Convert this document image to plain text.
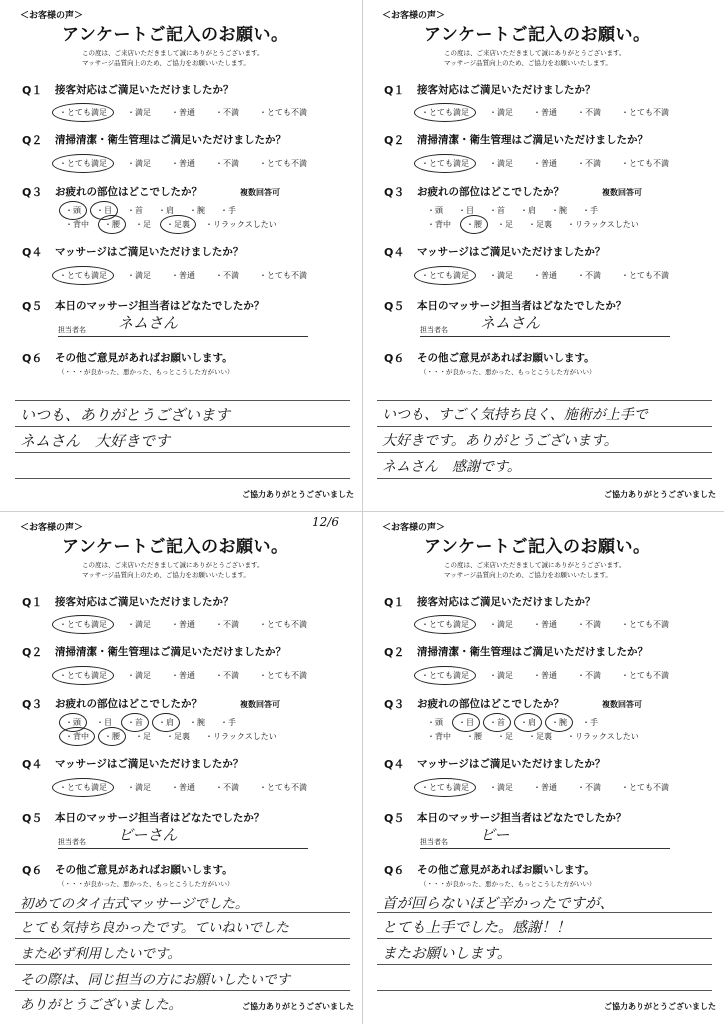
＜お客様の声＞
アンケートご記入のお願い。
この度は、ご来店いただきまして誠にありがとうございます。
マッサージ品質向上のため、ご協力をお願いいたします。
Q１ 接客対応はご満足いただけましたか？
・とても満足	・満足	・普通	・不満	・とても不満
Q２ 清掃清潔・衛生管理はご満足いただけましたか？
・とても満足	・満足	・普通	・不満	・とても不満
Q３ お疲れの部位はどこでしたか？	複数回答可
・頭 ・目 ・首 ・肩 ・腕 ・手
・背中 ・腰 ・足 ・足裏 ・リラックスしたい
Q４ マッサージはご満足いただけましたか？
・とても満足	・満足	・普通	・不満	・とても不満
Q５ 本日のマッサージ担当者はどなたでしたか？
担当者名 ネムさん
Q６ その他ご意見があればお願いします。
（・・・が良かった、悪かった、もっとこうした方がいい）
いつも、ありがとうございます
ネムさん　大好きです
ご協力ありがとうございました
＜お客様の声＞
アンケートご記入のお願い。
この度は、ご来店いただきまして誠にありがとうございます。
マッサージ品質向上のため、ご協力をお願いいたします。
Q１ 接客対応はご満足いただけましたか？
・とても満足	・満足	・普通	・不満	・とても不満
Q２ 清掃清潔・衛生管理はご満足いただけましたか？
・とても満足	・満足	・普通	・不満	・とても不満
Q３ お疲れの部位はどこでしたか？	複数回答可
・頭 ・目 ・首 ・肩 ・腕 ・手
・背中 ・腰 ・足 ・足裏 ・リラックスしたい
Q４ マッサージはご満足いただけましたか？
・とても満足	・満足	・普通	・不満	・とても不満
Q５ 本日のマッサージ担当者はどなたでしたか？
担当者名 ネムさん
Q６ その他ご意見があればお願いします。
（・・・が良かった、悪かった、もっとこうした方がいい）
いつも、すごく気持ち良く、施術が上手で
大好きです。ありがとうございます。
ネムさん　感謝です。
ご協力ありがとうございました
＜お客様の声＞
アンケートご記入のお願い。
12/6
この度は、ご来店いただきまして誠にありがとうございます。
マッサージ品質向上のため、ご協力をお願いいたします。
Q１ 接客対応はご満足いただけましたか？
・とても満足	・満足	・普通	・不満	・とても不満
Q２ 清掃清潔・衛生管理はご満足いただけましたか？
・とても満足	・満足	・普通	・不満	・とても不満
Q３ お疲れの部位はどこでしたか？	複数回答可
・頭 ・目 ・首 ・肩 ・腕 ・手
・背中 ・腰 ・足 ・足裏 ・リラックスしたい
Q４ マッサージはご満足いただけましたか？
・とても満足	・満足	・普通	・不満	・とても不満
Q５ 本日のマッサージ担当者はどなたでしたか？
担当者名 ビーさん
Q６ その他ご意見があればお願いします。
（・・・が良かった、悪かった、もっとこうした方がいい）
初めてのタイ古式マッサージでした。
とても気持ち良かったです。ていねいでした
また必ず利用したいです。
その際は、同じ担当の方にお願いしたいです
ありがとうございました。	ご協力ありがとうございました
＜お客様の声＞
アンケートご記入のお願い。
この度は、ご来店いただきまして誠にありがとうございます。
マッサージ品質向上のため、ご協力をお願いいたします。
Q１ 接客対応はご満足いただけましたか？
・とても満足	・満足	・普通	・不満	・とても不満
Q２ 清掃清潔・衛生管理はご満足いただけましたか？
・とても満足	・満足	・普通	・不満	・とても不満
Q３ お疲れの部位はどこでしたか？	複数回答可
・頭 ・目 ・首 ・肩 ・腕 ・手
・背中 ・腰 ・足 ・足裏 ・リラックスしたい
Q４ マッサージはご満足いただけましたか？
・とても満足	・満足	・普通	・不満	・とても不満
Q５ 本日のマッサージ担当者はどなたでしたか？
担当者名 ビー
Q６ その他ご意見があればお願いします。
（・・・が良かった、悪かった、もっとこうした方がいい）
首が回らないほど辛かったですが、
とても上手でした。感謝！！
またお願いします。
ご協力ありがとうございました
